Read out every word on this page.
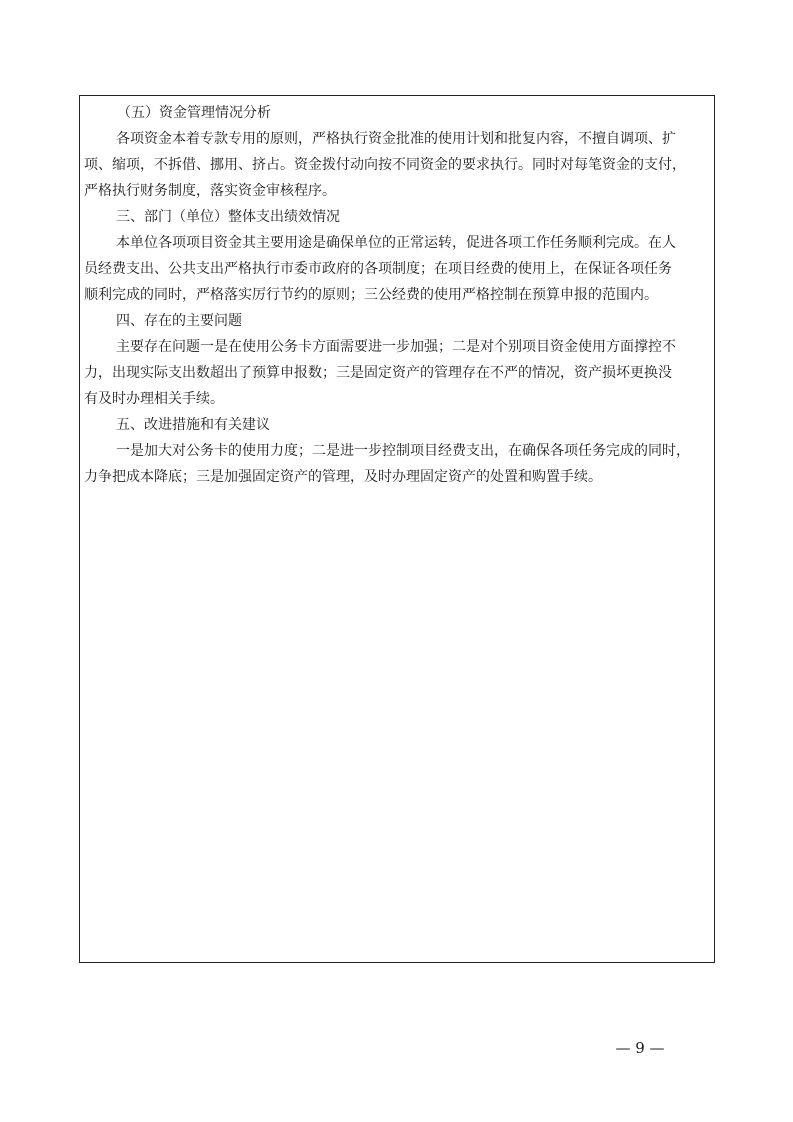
（五）资金管理情况分析
各项资金本着专款专用的原则，严格执行资金批准的使用计划和批复内容，不擅自调项、扩
项、缩项，不拆借、挪用、挤占。资金拨付动向按不同资金的要求执行。同时对每笔资金的支付，
严格执行财务制度，落实资金审核程序。
三、部门（单位）整体支出绩效情况
本单位各项项目资金其主要用途是确保单位的正常运转，促进各项工作任务顺利完成。在人
员经费支出、公共支出严格执行市委市政府的各项制度；在项目经费的使用上，在保证各项任务
顺利完成的同时，严格落实厉行节约的原则；三公经费的使用严格控制在预算申报的范围内。
四、存在的主要问题
主要存在问题一是在使用公务卡方面需要进一步加强；二是对个别项目资金使用方面撑控不
力，出现实际支出数超出了预算申报数；三是固定资产的管理存在不严的情况，资产损坏更换没
有及时办理相关手续。
五、改进措施和有关建议
一是加大对公务卡的使用力度；二是进一步控制项目经费支出，在确保各项任务完成的同时，
力争把成本降底；三是加强固定资产的管理，及时办理固定资产的处置和购置手续。
— 9 —
